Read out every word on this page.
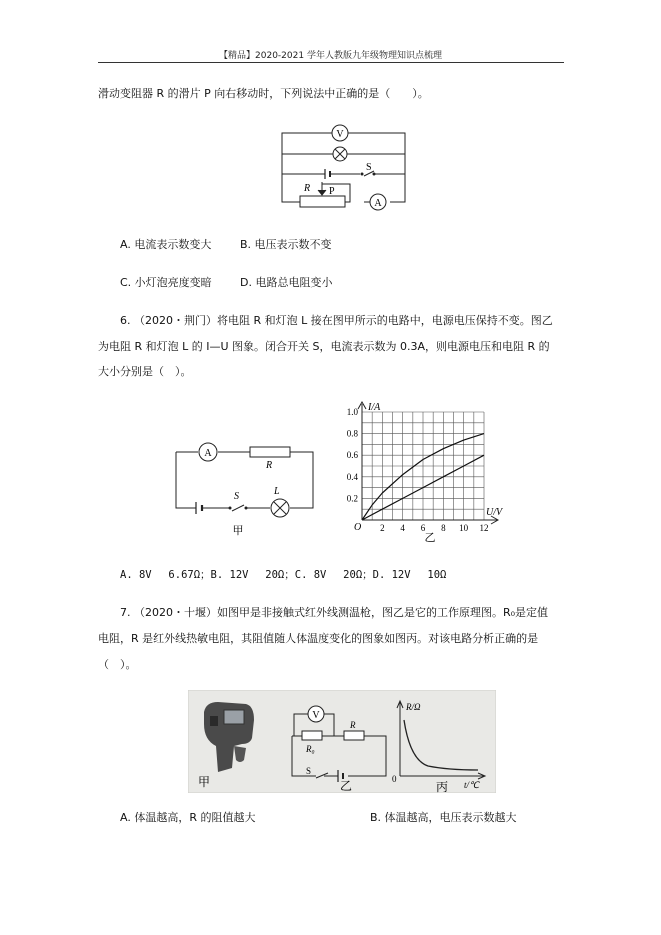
【精品】2020-2021 学年人教版九年级物理知识点梳理
滑动变阻器 R 的滑片 P 向右移动时，下列说法中正确的是（　　）。
V
A
S
R P
A. 电流表示数变大	B. 电压表示数不变
C. 小灯泡亮度变暗	D. 电路总电阻变小
6. （2020・荆门）将电阻 R 和灯泡 L 接在图甲所示的电路中，电源电压保持不变。图乙
为电阻 R 和灯泡 L 的 I—U 图象。闭合开关 S，电流表示数为 0.3A，则电源电压和电阻 R 的
大小分别是（　）。
A
R
S	L
甲	2 4 6 8 10 12
0.2
0.4
0.6
0.8
1.0 I/A
U/V
O
乙
A. 8V　 6.67Ω；B. 12V　 20Ω；C. 8V　 20Ω；D. 12V　 10Ω
7. （2020・十堰）如图甲是非接触式红外线测温枪，图乙是它的工作原理图。R₀是定值
电阻，R 是红外线热敏电阻，其阻值随人体温度变化的图象如图丙。对该电路分析正确的是
（　）。
甲
V
R₀
R
S
乙
R/Ω
t/℃
0
丙
A. 体温越高，R 的阻值越大	B. 体温越高，电压表示数越大
